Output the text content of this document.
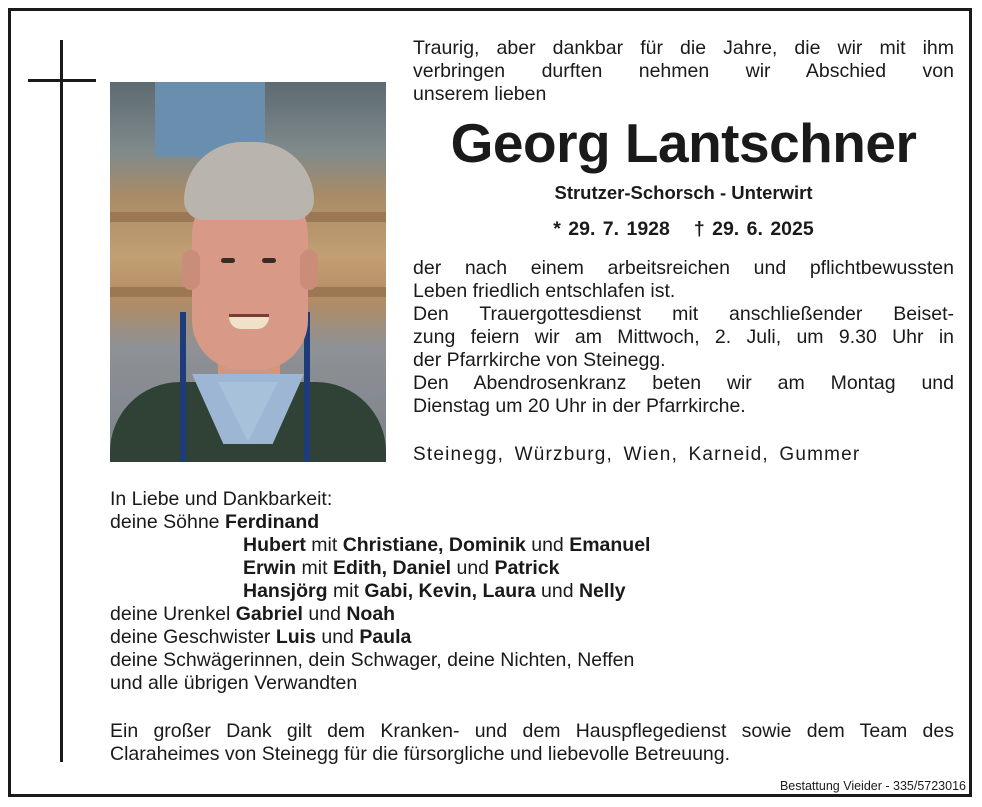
Traurig, aber dankbar für die Jahre, die wir mit ihm
verbringen durften nehmen wir Abschied von
unserem lieben
Georg Lantschner
Strutzer-Schorsch - Unterwirt
* 29. 7. 1928 † 29. 6. 2025
der nach einem arbeitsreichen und pflichtbewussten
Leben friedlich entschlafen ist.
Den Trauergottesdienst mit anschließender Beiset-
zung feiern wir am Mittwoch, 2. Juli, um 9.30 Uhr in
der Pfarrkirche von Steinegg.
Den Abendrosenkranz beten wir am Montag und
Dienstag um 20 Uhr in der Pfarrkirche.
Steinegg, Würzburg, Wien, Karneid, Gummer
In Liebe und Dankbarkeit:
deine Söhne Ferdinand
Hubert mit Christiane, Dominik und Emanuel
Erwin mit Edith, Daniel und Patrick
Hansjörg mit Gabi, Kevin, Laura und Nelly
deine Urenkel Gabriel und Noah
deine Geschwister Luis und Paula
deine Schwägerinnen, dein Schwager, deine Nichten, Neffen
und alle übrigen Verwandten
Ein großer Dank gilt dem Kranken- und dem Hauspflegedienst sowie dem Team des
Claraheimes von Steinegg für die fürsorgliche und liebevolle Betreuung.
Bestattung Vieider - 335/5723016
